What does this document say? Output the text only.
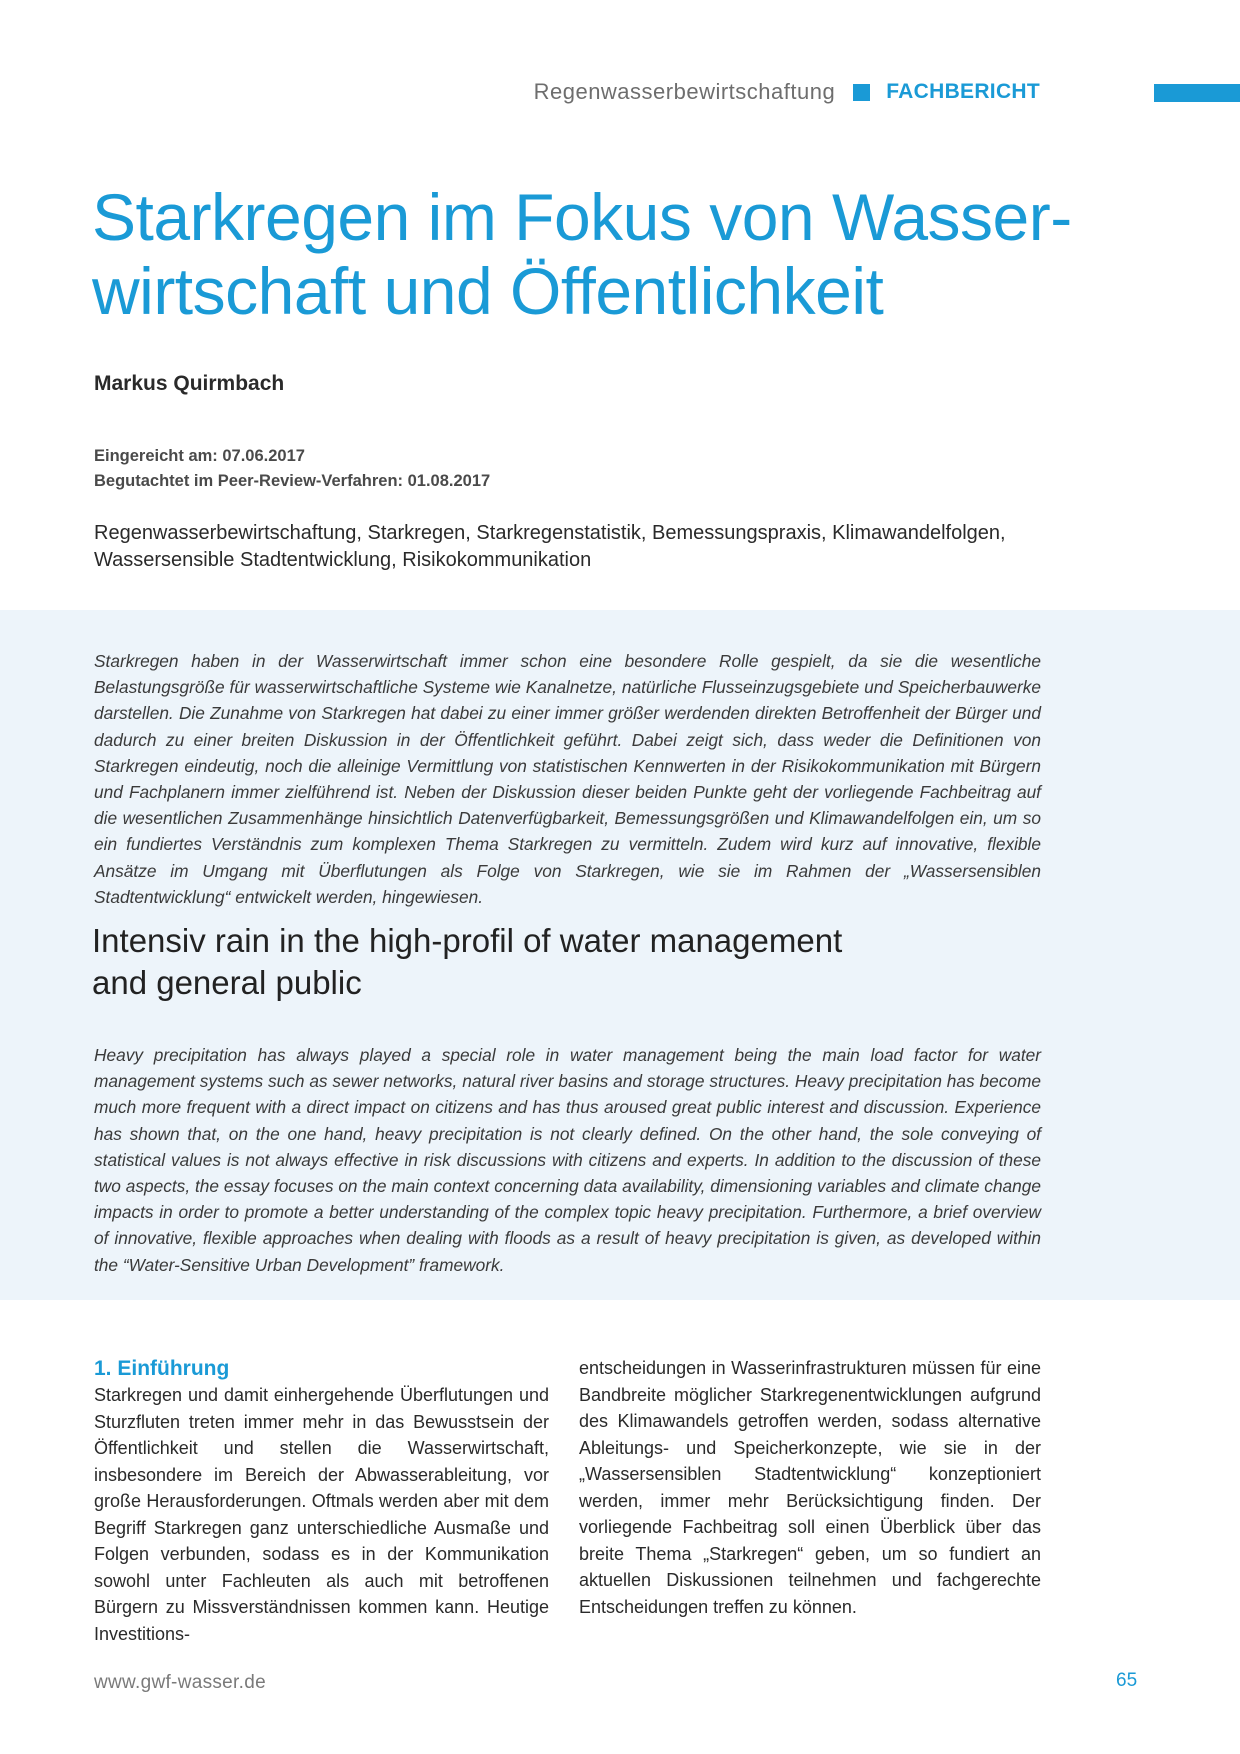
Regenwasserbewirtschaftung FACHBERICHT
Starkregen im Fokus von Wasser-
wirtschaft und Öffentlichkeit
Markus Quirmbach
Eingereicht am: 07.06.2017
Begutachtet im Peer-Review-Verfahren: 01.08.2017
Regenwasserbewirtschaftung, Starkregen, Starkregenstatistik, Bemessungspraxis, Klimawandelfolgen, Wassersensible Stadtentwicklung, Risikokommunikation

Starkregen haben in der Wasserwirtschaft immer schon eine besondere Rolle gespielt, da sie die wesentliche Belastungsgröße für wasserwirtschaftliche Systeme wie Kanalnetze, natürliche Flusseinzugsgebiete und Speicherbauwerke darstellen. Die Zunahme von Starkregen hat dabei zu einer immer größer werdenden direkten Betroffenheit der Bürger und dadurch zu einer breiten Diskussion in der Öffentlichkeit geführt. Dabei zeigt sich, dass weder die Definitionen von Starkregen eindeutig, noch die alleinige Vermittlung von statistischen Kennwerten in der Risikokommunikation mit Bürgern und Fachplanern immer zielführend ist. Neben der Diskussion dieser beiden Punkte geht der vorliegende Fachbeitrag auf die wesentlichen Zusammenhänge hinsichtlich Datenverfügbarkeit, Bemessungsgrößen und Klimawandelfolgen ein, um so ein fundiertes Verständnis zum komplexen Thema Starkregen zu vermitteln. Zudem wird kurz auf innovative, flexible Ansätze im Umgang mit Überflutungen als Folge von Starkregen, wie sie im Rahmen der „Wassersensiblen Stadtentwicklung“ entwickelt werden, hingewiesen.

Intensiv rain in the high-profil of water management
and general public

Heavy precipitation has always played a special role in water management being the main load factor for water management systems such as sewer networks, natural river basins and storage structures. Heavy precipitation has become much more frequent with a direct impact on citizens and has thus aroused great public interest and discussion. Experience has shown that, on the one hand, heavy precipitation is not clearly defined. On the other hand, the sole conveying of statistical values is not always effective in risk discussions with citizens and experts. In addition to the discussion of these two aspects, the essay focuses on the main context concerning data availability, dimensioning variables and climate change impacts in order to promote a better understanding of the complex topic heavy precipitation. Furthermore, a brief overview of innovative, flexible approaches when dealing with floods as a result of heavy precipitation is given, as developed within the “Water-Sensitive Urban Development” framework.

1. Einführung

Starkregen und damit einhergehende Überflutungen und Sturzfluten treten immer mehr in das Bewusstsein der Öffentlichkeit und stellen die Wasserwirtschaft, insbesondere im Bereich der Abwasserableitung, vor große Herausforderungen. Oftmals werden aber mit dem Begriff Starkregen ganz unterschiedliche Ausmaße und Folgen verbunden, sodass es in der Kommunikation sowohl unter Fachleuten als auch mit betroffenen Bürgern zu Missverständnissen kommen kann. Heutige Investitions-

entscheidungen in Wasserinfrastrukturen müssen für eine Bandbreite möglicher Starkregenentwicklungen aufgrund des Klimawandels getroffen werden, sodass alternative Ableitungs- und Speicherkonzepte, wie sie in der „Wassersensiblen Stadtentwicklung“ konzeptioniert werden, immer mehr Berücksichtigung finden. Der vorliegende Fachbeitrag soll einen Überblick über das breite Thema „Starkregen“ geben, um so fundiert an aktuellen Diskussionen teilnehmen und fachgerechte Entscheidungen treffen zu können.

www.gwf-wasser.de	65
